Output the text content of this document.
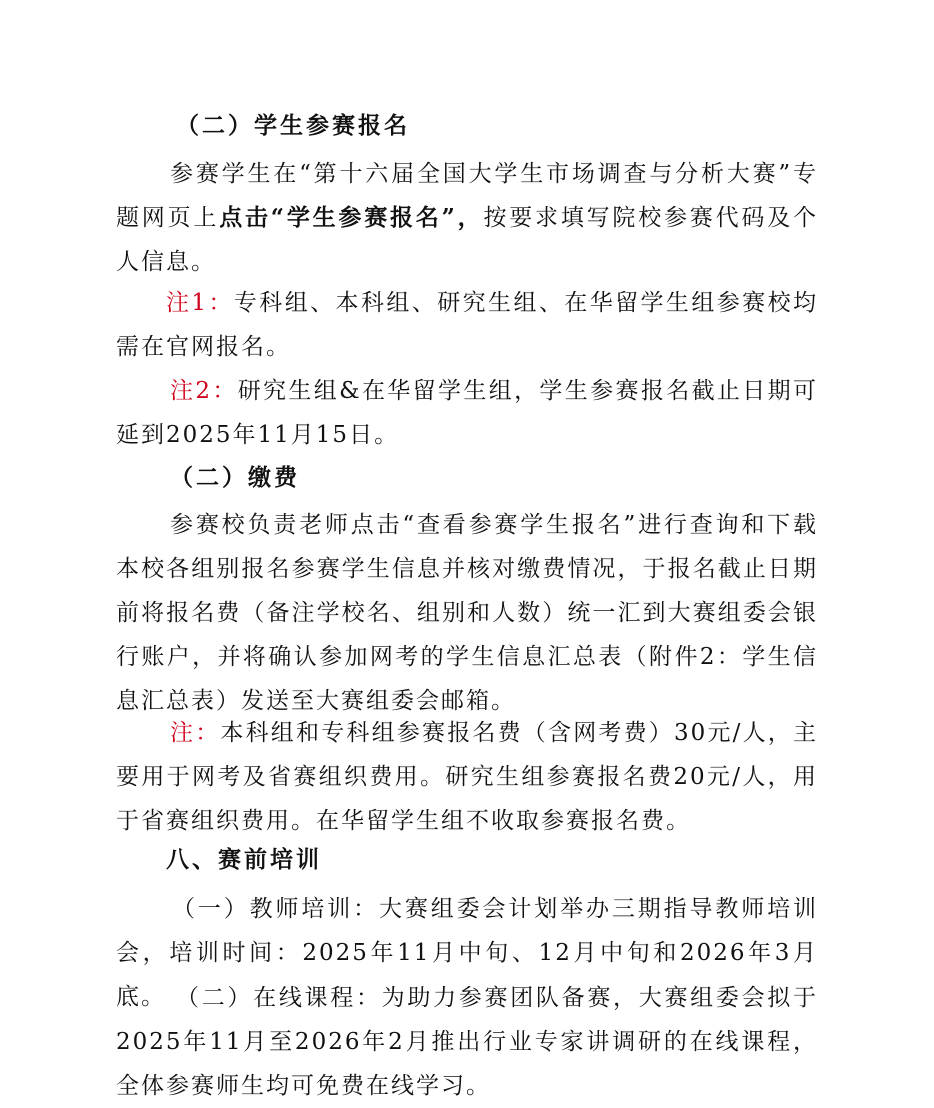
（二）学生参赛报名

参赛学生在“第十六届全国大学生市场调查与分析大赛”专题网页上点击“学生参赛报名”，按要求填写院校参赛代码及个人信息。

注1：专科组、本科组、研究生组、在华留学生组参赛校均需在官网报名。

注2：研究生组&在华留学生组，学生参赛报名截止日期可延到2025年11月15日。

（二）缴费

参赛校负责老师点击“查看参赛学生报名”进行查询和下载本校各组别报名参赛学生信息并核对缴费情况，于报名截止日期前将报名费（备注学校名、组别和人数）统一汇到大赛组委会银行账户，并将确认参加网考的学生信息汇总表（附件2：学生信息汇总表）发送至大赛组委会邮箱。

注：本科组和专科组参赛报名费（含网考费）30元/人，主要用于网考及省赛组织费用。研究生组参赛报名费20元/人，用于省赛组织费用。在华留学生组不收取参赛报名费。

八、赛前培训

（一）教师培训：大赛组委会计划举办三期指导教师培训会，培训时间：2025年11月中旬、12月中旬和2026年3月底。 （二）在线课程：为助力参赛团队备赛，大赛组委会拟于2025年11月至2026年2月推出行业专家讲调研的在线课程，全体参赛师生均可免费在线学习。
